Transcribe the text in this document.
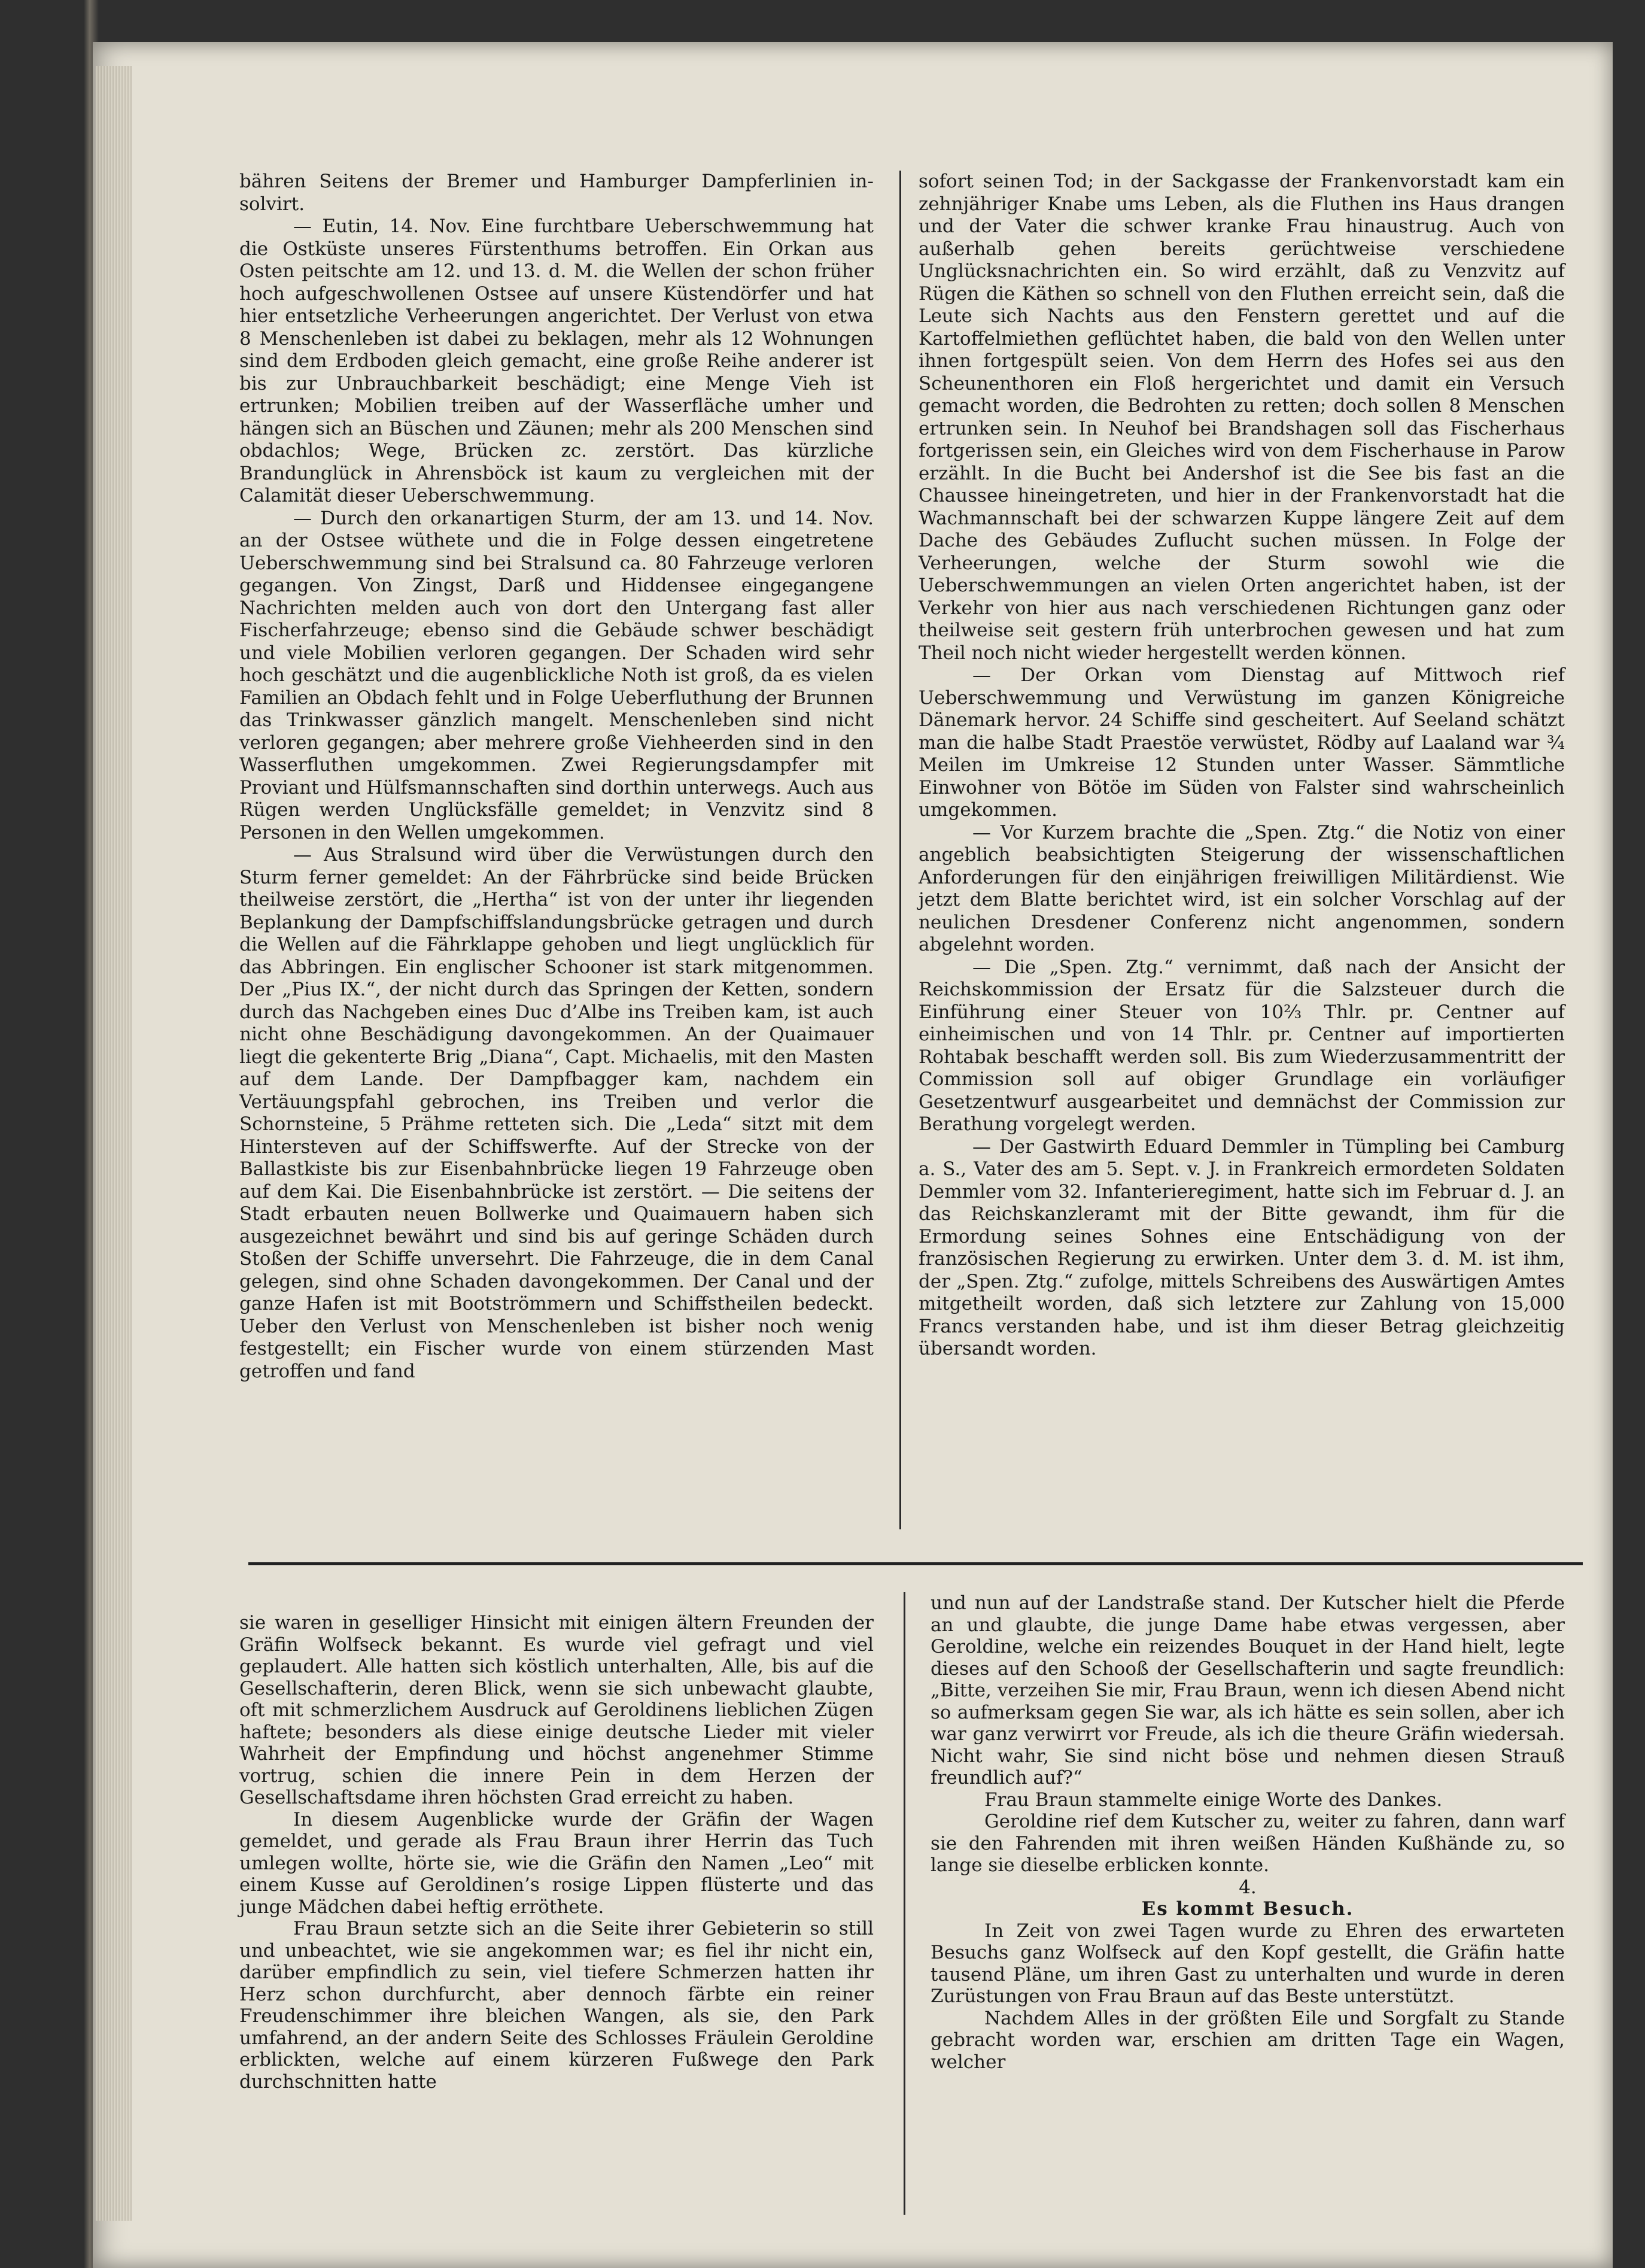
bähren Seitens der Bremer und Hamburger Dampferlinien in-solvirt.

— Eutin, 14. Nov. Eine furchtbare Ueberschwemmung hat die Ostküste unseres Fürstenthums betroffen. Ein Orkan aus Osten peitschte am 12. und 13. d. M. die Wellen der schon früher hoch aufgeschwollenen Ostsee auf unsere Küstendörfer und hat hier entsetzliche Verheerungen angerichtet. Der Verlust von etwa 8 Menschenleben ist dabei zu beklagen, mehr als 12 Wohnungen sind dem Erdboden gleich gemacht, eine große Reihe anderer ist bis zur Unbrauchbarkeit beschädigt; eine Menge Vieh ist ertrunken; Mobilien treiben auf der Wasserfläche umher und hängen sich an Büschen und Zäunen; mehr als 200 Menschen sind obdachlos; Wege, Brücken zc. zerstört. Das kürzliche Brandunglück in Ahrensböck ist kaum zu vergleichen mit der Calamität dieser Ueberschwemmung.

— Durch den orkanartigen Sturm, der am 13. und 14. Nov. an der Ostsee wüthete und die in Folge dessen eingetretene Ueberschwemmung sind bei Stralsund ca. 80 Fahrzeuge verloren gegangen. Von Zingst, Darß und Hiddensee eingegangene Nachrichten melden auch von dort den Untergang fast aller Fischerfahrzeuge; ebenso sind die Gebäude schwer beschädigt und viele Mobilien verloren gegangen. Der Schaden wird sehr hoch geschätzt und die augenblickliche Noth ist groß, da es vielen Familien an Obdach fehlt und in Folge Ueberfluthung der Brunnen das Trinkwasser gänzlich mangelt. Menschenleben sind nicht verloren gegangen; aber mehrere große Viehheerden sind in den Wasserfluthen umgekommen. Zwei Regierungsdampfer mit Proviant und Hülfsmannschaften sind dorthin unterwegs. Auch aus Rügen werden Unglücksfälle gemeldet; in Venzvitz sind 8 Personen in den Wellen umgekommen.

— Aus Stralsund wird über die Verwüstungen durch den Sturm ferner gemeldet: An der Fährbrücke sind beide Brücken theilweise zerstört, die „Hertha“ ist von der unter ihr liegenden Beplankung der Dampfschiffslandungsbrücke getragen und durch die Wellen auf die Fährklappe gehoben und liegt unglücklich für das Abbringen. Ein englischer Schooner ist stark mitgenommen. Der „Pius IX.“, der nicht durch das Springen der Ketten, sondern durch das Nachgeben eines Duc d’Albe ins Treiben kam, ist auch nicht ohne Beschädigung davongekommen. An der Quaimauer liegt die gekenterte Brig „Diana“, Capt. Michaelis, mit den Masten auf dem Lande. Der Dampfbagger kam, nachdem ein Vertäuungspfahl gebrochen, ins Treiben und verlor die Schornsteine, 5 Prähme retteten sich. Die „Leda“ sitzt mit dem Hintersteven auf der Schiffswerfte. Auf der Strecke von der Ballastkiste bis zur Eisenbahnbrücke liegen 19 Fahrzeuge oben auf dem Kai. Die Eisenbahnbrücke ist zerstört. — Die seitens der Stadt erbauten neuen Bollwerke und Quaimauern haben sich ausgezeichnet bewährt und sind bis auf geringe Schäden durch Stoßen der Schiffe unversehrt. Die Fahrzeuge, die in dem Canal gelegen, sind ohne Schaden davongekommen. Der Canal und der ganze Hafen ist mit Bootströmmern und Schiffstheilen bedeckt. Ueber den Verlust von Menschenleben ist bisher noch wenig festgestellt; ein Fischer wurde von einem stürzenden Mast getroffen und fand

sofort seinen Tod; in der Sackgasse der Frankenvorstadt kam ein zehnjähriger Knabe ums Leben, als die Fluthen ins Haus drangen und der Vater die schwer kranke Frau hinaustrug. Auch von außerhalb gehen bereits gerüchtweise verschiedene Unglücksnachrichten ein. So wird erzählt, daß zu Venzvitz auf Rügen die Käthen so schnell von den Fluthen erreicht sein, daß die Leute sich Nachts aus den Fenstern gerettet und auf die Kartoffelmiethen geflüchtet haben, die bald von den Wellen unter ihnen fortgespült seien. Von dem Herrn des Hofes sei aus den Scheunenthoren ein Floß hergerichtet und damit ein Versuch gemacht worden, die Bedrohten zu retten; doch sollen 8 Menschen ertrunken sein. In Neuhof bei Brandshagen soll das Fischerhaus fortgerissen sein, ein Gleiches wird von dem Fischerhause in Parow erzählt. In die Bucht bei Andershof ist die See bis fast an die Chaussee hineingetreten, und hier in der Frankenvorstadt hat die Wachmannschaft bei der schwarzen Kuppe längere Zeit auf dem Dache des Gebäudes Zuflucht suchen müssen. In Folge der Verheerungen, welche der Sturm sowohl wie die Ueberschwemmungen an vielen Orten angerichtet haben, ist der Verkehr von hier aus nach verschiedenen Richtungen ganz oder theilweise seit gestern früh unterbrochen gewesen und hat zum Theil noch nicht wieder hergestellt werden können.

— Der Orkan vom Dienstag auf Mittwoch rief Ueberschwemmung und Verwüstung im ganzen Königreiche Dänemark hervor. 24 Schiffe sind gescheitert. Auf Seeland schätzt man die halbe Stadt Praestöe verwüstet, Rödby auf Laaland war ¾ Meilen im Umkreise 12 Stunden unter Wasser. Sämmtliche Einwohner von Bötöe im Süden von Falster sind wahrscheinlich umgekommen.

— Vor Kurzem brachte die „Spen. Ztg.“ die Notiz von einer angeblich beabsichtigten Steigerung der wissenschaftlichen Anforderungen für den einjährigen freiwilligen Militärdienst. Wie jetzt dem Blatte berichtet wird, ist ein solcher Vorschlag auf der neulichen Dresdener Conferenz nicht angenommen, sondern abgelehnt worden.

— Die „Spen. Ztg.“ vernimmt, daß nach der Ansicht der Reichskommission der Ersatz für die Salzsteuer durch die Einführung einer Steuer von 10⅔ Thlr. pr. Centner auf einheimischen und von 14 Thlr. pr. Centner auf importierten Rohtabak beschafft werden soll. Bis zum Wiederzusammentritt der Commission soll auf obiger Grundlage ein vorläufiger Gesetzentwurf ausgearbeitet und demnächst der Commission zur Berathung vorgelegt werden.

— Der Gastwirth Eduard Demmler in Tümpling bei Camburg a. S., Vater des am 5. Sept. v. J. in Frankreich ermordeten Soldaten Demmler vom 32. Infanterieregiment, hatte sich im Februar d. J. an das Reichskanzleramt mit der Bitte gewandt, ihm für die Ermordung seines Sohnes eine Entschädigung von der französischen Regierung zu erwirken. Unter dem 3. d. M. ist ihm, der „Spen. Ztg.“ zufolge, mittels Schreibens des Auswärtigen Amtes mitgetheilt worden, daß sich letztere zur Zahlung von 15,000 Francs verstanden habe, und ist ihm dieser Betrag gleichzeitig übersandt worden.

sie waren in geselliger Hinsicht mit einigen ältern Freunden der Gräfin Wolfseck bekannt. Es wurde viel gefragt und viel geplaudert. Alle hatten sich köstlich unterhalten, Alle, bis auf die Gesellschafterin, deren Blick, wenn sie sich unbewacht glaubte, oft mit schmerzlichem Ausdruck auf Geroldinens lieblichen Zügen haftete; besonders als diese einige deutsche Lieder mit vieler Wahrheit der Empfindung und höchst angenehmer Stimme vortrug, schien die innere Pein in dem Herzen der Gesellschaftsdame ihren höchsten Grad erreicht zu haben.

In diesem Augenblicke wurde der Gräfin der Wagen gemeldet, und gerade als Frau Braun ihrer Herrin das Tuch umlegen wollte, hörte sie, wie die Gräfin den Namen „Leo“ mit einem Kusse auf Geroldinen’s rosige Lippen flüsterte und das junge Mädchen dabei heftig erröthete.

Frau Braun setzte sich an die Seite ihrer Gebieterin so still und unbeachtet, wie sie angekommen war; es fiel ihr nicht ein, darüber empfindlich zu sein, viel tiefere Schmerzen hatten ihr Herz schon durchfurcht, aber dennoch färbte ein reiner Freudenschimmer ihre bleichen Wangen, als sie, den Park umfahrend, an der andern Seite des Schlosses Fräulein Geroldine erblickten, welche auf einem kürzeren Fußwege den Park durchschnitten hatte

und nun auf der Landstraße stand. Der Kutscher hielt die Pferde an und glaubte, die junge Dame habe etwas vergessen, aber Geroldine, welche ein reizendes Bouquet in der Hand hielt, legte dieses auf den Schooß der Gesellschafterin und sagte freundlich: „Bitte, verzeihen Sie mir, Frau Braun, wenn ich diesen Abend nicht so aufmerksam gegen Sie war, als ich hätte es sein sollen, aber ich war ganz verwirrt vor Freude, als ich die theure Gräfin wiedersah. Nicht wahr, Sie sind nicht böse und nehmen diesen Strauß freundlich auf?“

Frau Braun stammelte einige Worte des Dankes.

Geroldine rief dem Kutscher zu, weiter zu fahren, dann warf sie den Fahrenden mit ihren weißen Händen Kußhände zu, so lange sie dieselbe erblicken konnte.

4.

Es kommt Besuch.

In Zeit von zwei Tagen wurde zu Ehren des erwarteten Besuchs ganz Wolfseck auf den Kopf gestellt, die Gräfin hatte tausend Pläne, um ihren Gast zu unterhalten und wurde in deren Zurüstungen von Frau Braun auf das Beste unterstützt.

Nachdem Alles in der größten Eile und Sorgfalt zu Stande gebracht worden war, erschien am dritten Tage ein Wagen, welcher
